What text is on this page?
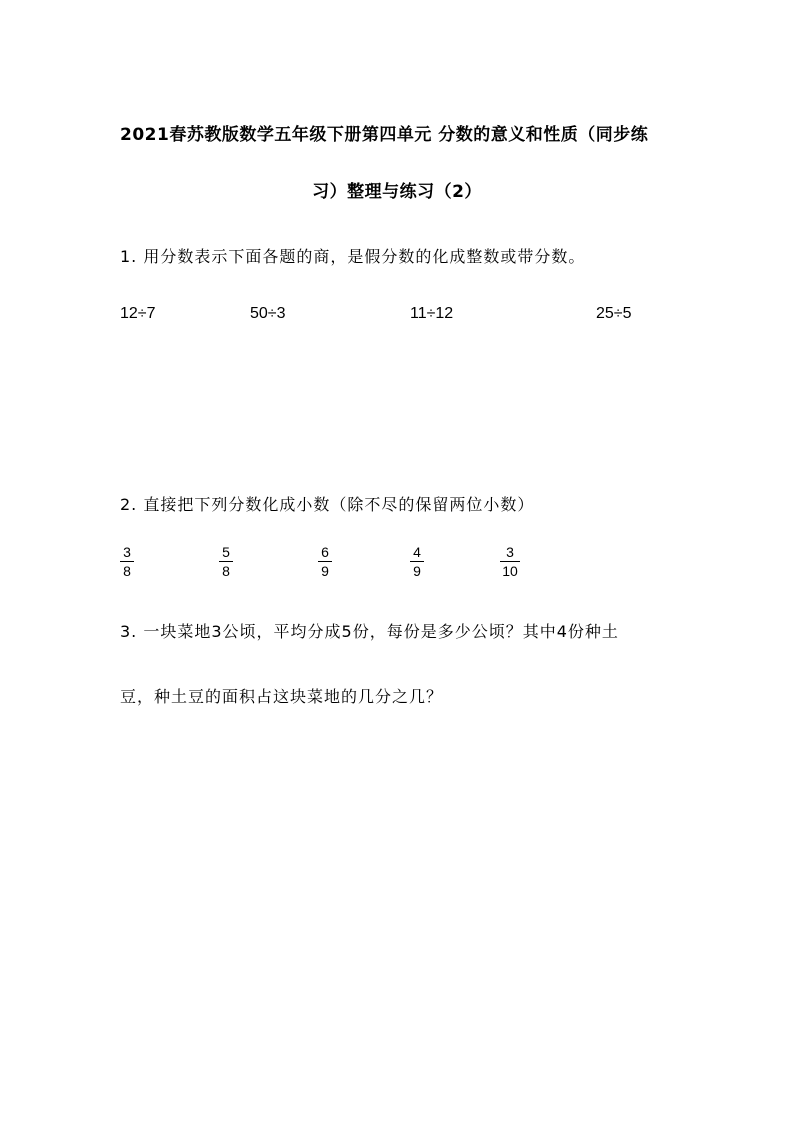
2021春苏教版数学五年级下册第四单元 分数的意义和性质（同步练
习）整理与练习（2）
1. 用分数表示下面各题的商，是假分数的化成整数或带分数。
12÷7	50÷3	11÷12	25÷5
2. 直接把下列分数化成小数（除不尽的保留两位小数）
3
8
5
8
6
9
4
9
3
10
3. 一块菜地3公顷，平均分成5份，每份是多少公顷？其中4份种土
豆，种土豆的面积占这块菜地的几分之几？
